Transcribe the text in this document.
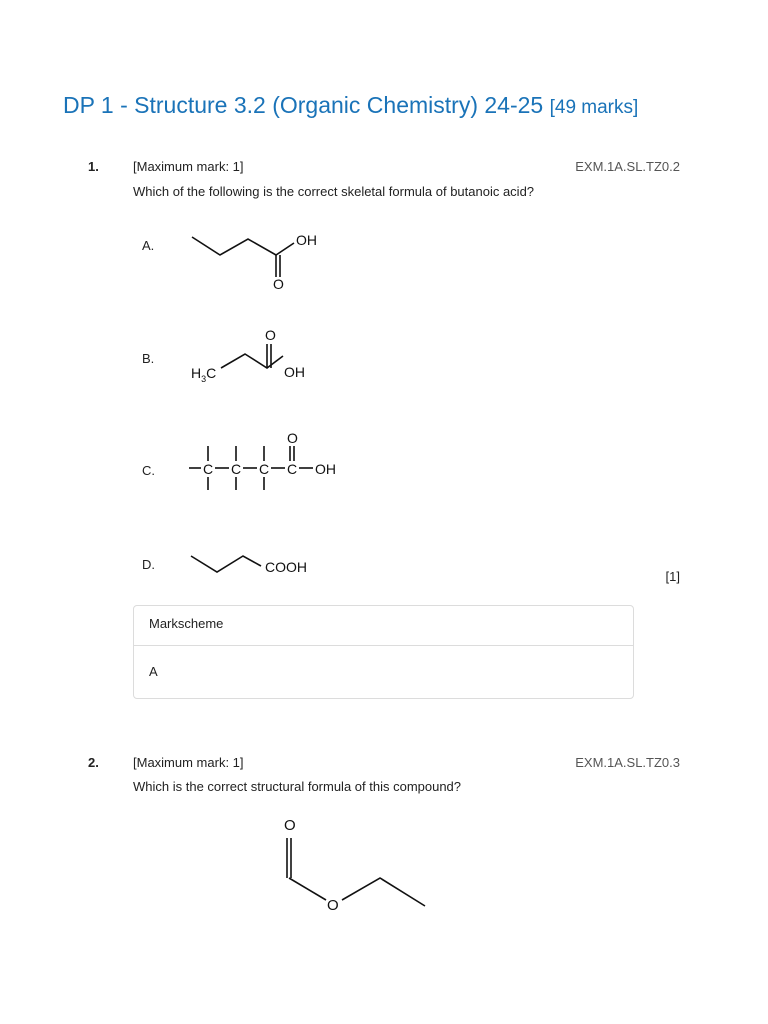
DP 1 - Structure 3.2 (Organic Chemistry) 24-25 [49 marks]
1.	[Maximum mark: 1]	EXM.1A.SL.TZ0.2
Which of the following is the correct skeletal formula of butanoic acid?
A.	OH
O
B.
$H_3C$
O
OH
C.	C C C C OH
O
D.	COOH
[1]
Markscheme
A
2.	[Maximum mark: 1]	EXM.1A.SL.TZ0.3
Which is the correct structural formula of this compound?
O
O
